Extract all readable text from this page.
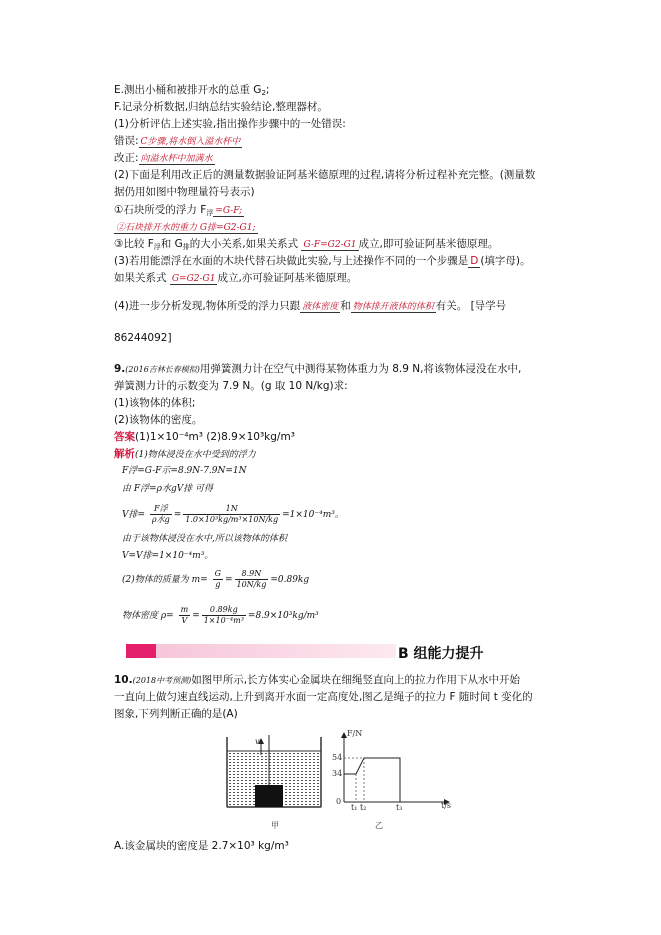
E.测出小桶和被排开水的总重 $G_2$;
F.记录分析数据,归纳总结实验结论,整理器材。
(1)分析评估上述实验,指出操作步骤中的一处错误:
错误: C步骤,将水倒入溢水杯中
改正: 向溢水杯中加满水
(2)下面是利用改正后的测量数据验证阿基米德原理的过程,请将分析过程补充完整。(测量数
据仍用如图中物理量符号表示)
①石块所受的浮力 $F_浮 =G-F$;
②石块排开水的重力 G排=G2-G1;
③比较 $F_浮$和 $G_排$的大小关系,如果关系式 G-F=G2-G1 成立,即可验证阿基米德原理。
(3)若用能漂浮在水面的木块代替石块做此实验,与上述操作不同的一个步骤是 D (填字母)。
如果关系式 G=G2-G1 成立,亦可验证阿基米德原理。
(4)进一步分析发现,物体所受的浮力只跟 液体密度 和 物体排开液体的体积 有关。 [导学号
86244092]
9.(2016吉林长春模拟)用弹簧测力计在空气中测得某物体重力为 8.9 N,将该物体浸没在水中,
弹簧测力计的示数变为 7.9 N。(g 取 10 N/kg)求:
(1)该物体的体积;
(2)该物体的密度。
答案(1)1×10⁻⁴m³ (2)8.9×10³kg/m³
解析(1)物体浸没在水中受到的浮力
F浮=G-F示=8.9N-7.9N=1N
由 F浮=ρ水gV排 可得
V排= $\frac{\text{F浮}}{\text{ρ水g}} = \frac{1N}{\text{1.0×10³kg/m³×10N/kg}} =1\times 10^{-4}m^3$。
由于该物体浸没在水中,所以该物体的体积
V=V排=1×10⁻⁴m³。
(2)物体的质量为 $m= \frac{G}{g} = \frac{8.9N}{10N/kg} =0.89kg$
物体密度 $\rho= \frac{m}{V} = \frac{0.89kg}{\text{1×10⁻⁴m³}} =8.9\times 10^3kg/m^3$
B 组能力提升
10.(2018中考预测)如图甲所示,长方体实心金属块在细绳竖直向上的拉力作用下从水中开始
一直向上做匀速直线运动,上升到离开水面一定高度处,图乙是绳子的拉力 F 随时间 t 变化的
图象,下列判断正确的是(A)
v
甲
F/N
54
34
0
t₁ t₂	t₃	t/s
乙
A.该金属块的密度是 2.7×10³ kg/m³
